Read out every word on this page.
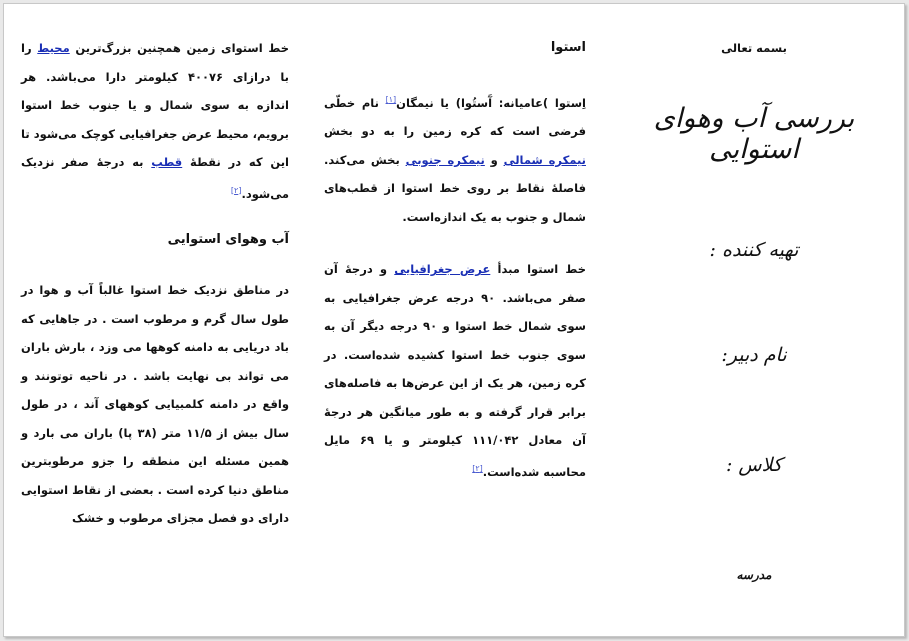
بسمه تعالی
بررسی آب وهوای استوایی
تهیه کننده :
نام دبیر:
کلاس :
مدرسه

استوا

اِستوا )عامیانه: آَستُوا) یا نیمگان[۱] نام خطّی فرضی است که کره زمین را به دو بخش نیمکره شمالی و نیمکره جنوبی بخش می‌کند. فاصلهٔ نقاط بر روی خط استوا از قطب‌های شمال و جنوب به یک اندازه‌است.

خط استوا مبدأ عرض جغرافیایی و درجهٔ آن صفر می‌باشد. ۹۰ درجه عرض جغرافیایی به سوی شمال خط استوا و ۹۰ درجه دیگر آن به سوی جنوب خط استوا کشیده شده‌است. در کره زمین، هر یک از این عرض‌ها به فاصله‌های برابر قرار گرفته و به طور میانگین هر درجهٔ آن معادل ۱۱۱/۰۴۲ کیلومتر و یا ۶۹ مایل محاسبه شده‌است.[۲]

خط استوای زمین همچنین بزرگ‌ترین محیط را با درازای ۴۰۰۷۶ کیلومتر دارا می‌باشد. هر اندازه به سوی شمال و یا جنوب خط استوا برویم، محیط عرض جغرافیایی کوچک می‌شود تا این که در نقطهٔ قطب به درجهٔ صفر نزدیک می‌شود.[۲]

آب وهوای استوایی

در مناطق نزدیک خط استوا غالباً آب و هوا در طول سال گرم و مرطوب است . در جاهایی که باد دریایی به دامنه کوهها می وزد ، بارش باران می تواند بی نهایت باشد . در ناحیه توتونند و واقع در دامنه کلمبیایی کوههای آند ، در طول سال بیش از ۱۱/۵ متر (۳۸ پا) باران می بارد و همین مسئله این منطقه را جزو مرطوبترین مناطق دنیا کرده است . بعضی از نقاط استوایی دارای دو فصل مجزای مرطوب و خشک
